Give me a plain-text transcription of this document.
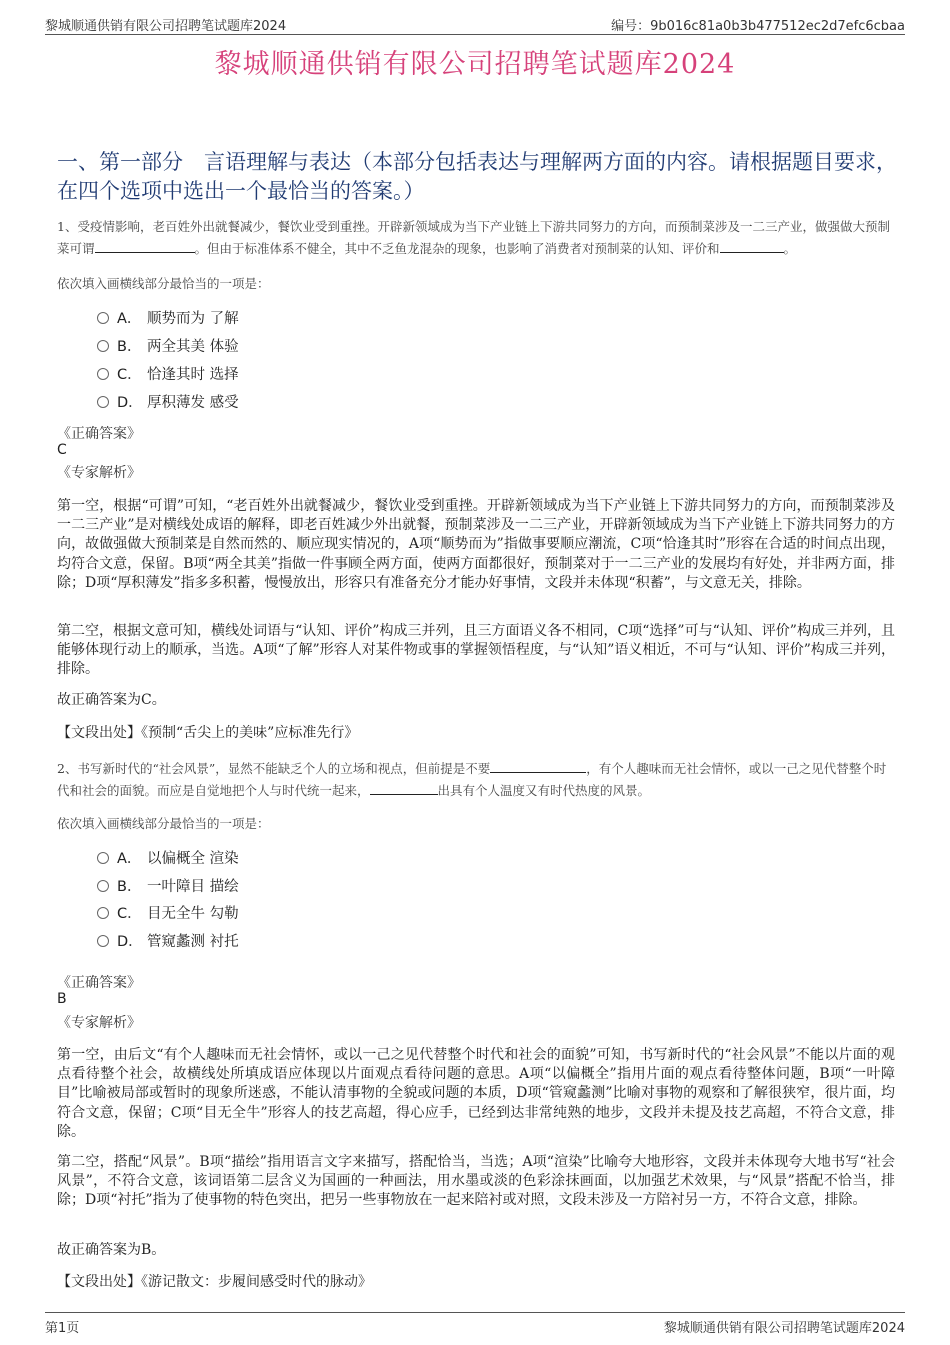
黎城顺通供销有限公司招聘笔试题库2024	编号：9b016c81a0b3b477512ec2d7efc6cbaa
黎城顺通供销有限公司招聘笔试题库2024
一、第一部分　言语理解与表达（本部分包括表达与理解两方面的内容。请根据题目要求，在四个选项中选出一个最恰当的答案。）
1、受疫情影响，老百姓外出就餐减少，餐饮业受到重挫。开辟新领域成为当下产业链上下游共同努力的方向，而预制菜涉及一二三产业，做强做大预制菜可谓	。但由于标准体系不健全，其中不乏鱼龙混杂的现象，也影响了消费者对预制菜的认知、评价和	。
依次填入画横线部分最恰当的一项是：
A． 顺势而为 了解
B． 两全其美 体验
C． 恰逢其时 选择
D． 厚积薄发 感受
《正确答案》
C
《专家解析》
第一空，根据“可谓”可知，“老百姓外出就餐减少，餐饮业受到重挫。开辟新领域成为当下产业链上下游共同努力的方向，而预制菜涉及一二三产业”是对横线处成语的解释，即老百姓减少外出就餐，预制菜涉及一二三产业，开辟新领域成为当下产业链上下游共同努力的方向，故做强做大预制菜是自然而然的、顺应现实情况的，A项“顺势而为”指做事要顺应潮流，C项“恰逢其时”形容在合适的时间点出现，均符合文意，保留。B项“两全其美”指做一件事顾全两方面，使两方面都很好，预制菜对于一二三产业的发展均有好处，并非两方面，排除；D项“厚积薄发”指多多积蓄，慢慢放出，形容只有准备充分才能办好事情，文段并未体现“积蓄”，与文意无关，排除。
第二空，根据文意可知，横线处词语与“认知、评价”构成三并列，且三方面语义各不相同，C项“选择”可与“认知、评价”构成三并列，且能够体现行动上的顺承，当选。A项“了解”形容人对某件物或事的掌握领悟程度，与“认知”语义相近，不可与“认知、评价”构成三并列，排除。
故正确答案为C。
【文段出处】《预制“舌尖上的美味”应标准先行》
2、书写新时代的“社会风景”，显然不能缺乏个人的立场和视点，但前提是不要	，有个人趣味而无社会情怀，或以一己之见代替整个时代和社会的面貌。而应是自觉地把个人与时代统一起来，	出具有个人温度又有时代热度的风景。
依次填入画横线部分最恰当的一项是：
A． 以偏概全 渲染
B． 一叶障目 描绘
C． 目无全牛 勾勒
D． 管窥蠡测 衬托
《正确答案》
B
《专家解析》
第一空，由后文“有个人趣味而无社会情怀，或以一己之见代替整个时代和社会的面貌”可知，书写新时代的“社会风景”不能以片面的观点看待整个社会，故横线处所填成语应体现以片面观点看待问题的意思。A项“以偏概全”指用片面的观点看待整体问题，B项“一叶障目”比喻被局部或暂时的现象所迷惑，不能认清事物的全貌或问题的本质，D项“管窥蠡测”比喻对事物的观察和了解很狭窄，很片面，均符合文意，保留；C项“目无全牛”形容人的技艺高超，得心应手，已经到达非常纯熟的地步，文段并未提及技艺高超，不符合文意，排除。
第二空，搭配“风景”。B项“描绘”指用语言文字来描写，搭配恰当，当选；A项“渲染”比喻夸大地形容，文段并未体现夸大地书写“社会风景”，不符合文意，该词语第二层含义为国画的一种画法，用水墨或淡的色彩涂抹画面，以加强艺术效果，与“风景”搭配不恰当，排除；D项“衬托”指为了使事物的特色突出，把另一些事物放在一起来陪衬或对照，文段未涉及一方陪衬另一方，不符合文意，排除。
故正确答案为B。
【文段出处】《游记散文：步履间感受时代的脉动》
第1页	黎城顺通供销有限公司招聘笔试题库2024
